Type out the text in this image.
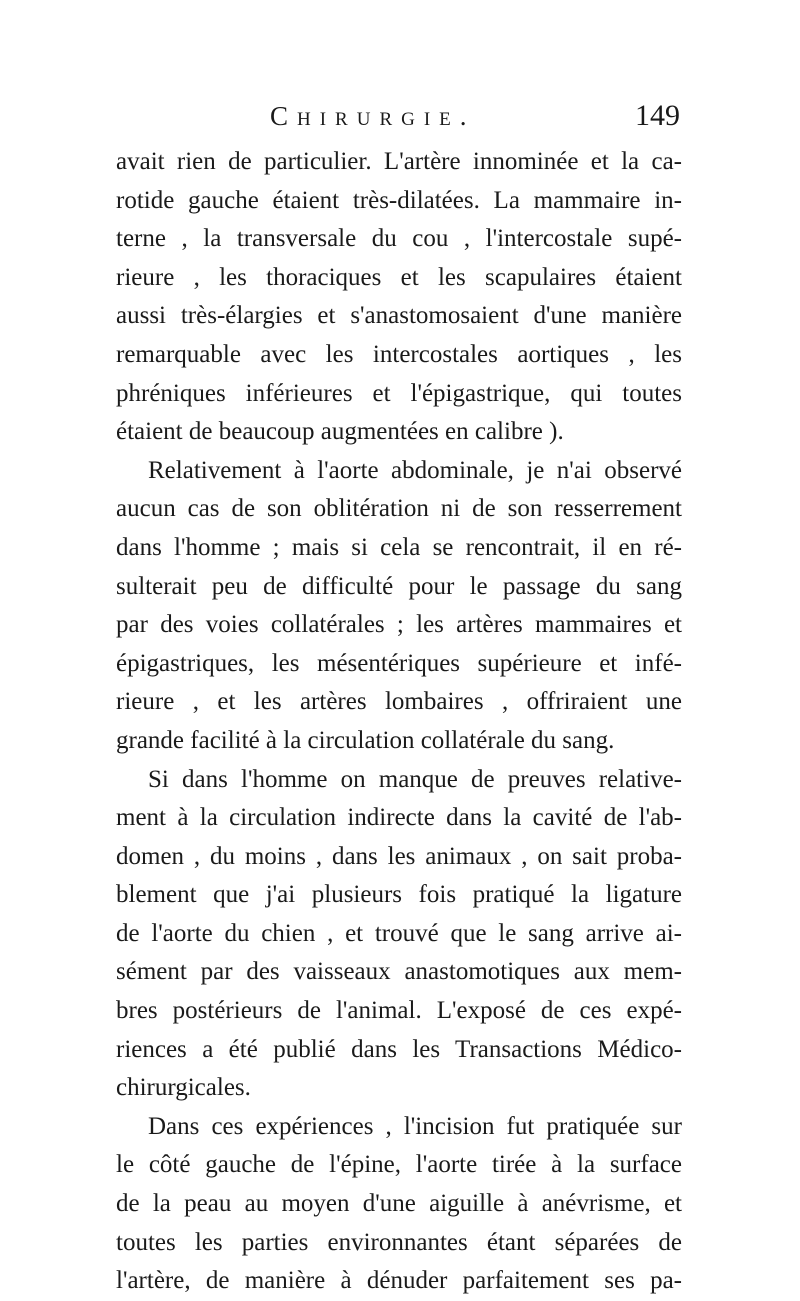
Chirurgie.	149
avait rien de particulier. L'artère innominée et la ca-
rotide gauche étaient très-dilatées. La mammaire in-
terne , la transversale du cou , l'intercostale supé-
rieure , les thoraciques et les scapulaires étaient
aussi très-élargies et s'anastomosaient d'une manière
remarquable avec les intercostales aortiques , les
phréniques inférieures et l'épigastrique, qui toutes
étaient de beaucoup augmentées en calibre ).
Relativement à l'aorte abdominale, je n'ai observé
aucun cas de son oblitération ni de son resserrement
dans l'homme ; mais si cela se rencontrait, il en ré-
sulterait peu de difficulté pour le passage du sang
par des voies collatérales ; les artères mammaires et
épigastriques, les mésentériques supérieure et infé-
rieure , et les artères lombaires , offriraient une
grande facilité à la circulation collatérale du sang.
Si dans l'homme on manque de preuves relative-
ment à la circulation indirecte dans la cavité de l'ab-
domen , du moins , dans les animaux , on sait proba-
blement que j'ai plusieurs fois pratiqué la ligature
de l'aorte du chien , et trouvé que le sang arrive ai-
sément par des vaisseaux anastomotiques aux mem-
bres postérieurs de l'animal. L'exposé de ces expé-
riences a été publié dans les Transactions Médico-
chirurgicales.
Dans ces expériences , l'incision fut pratiquée sur
le côté gauche de l'épine, l'aorte tirée à la surface
de la peau au moyen d'une aiguille à anévrisme, et
toutes les parties environnantes étant séparées de
l'artère, de manière à dénuder parfaitement ses pa-
